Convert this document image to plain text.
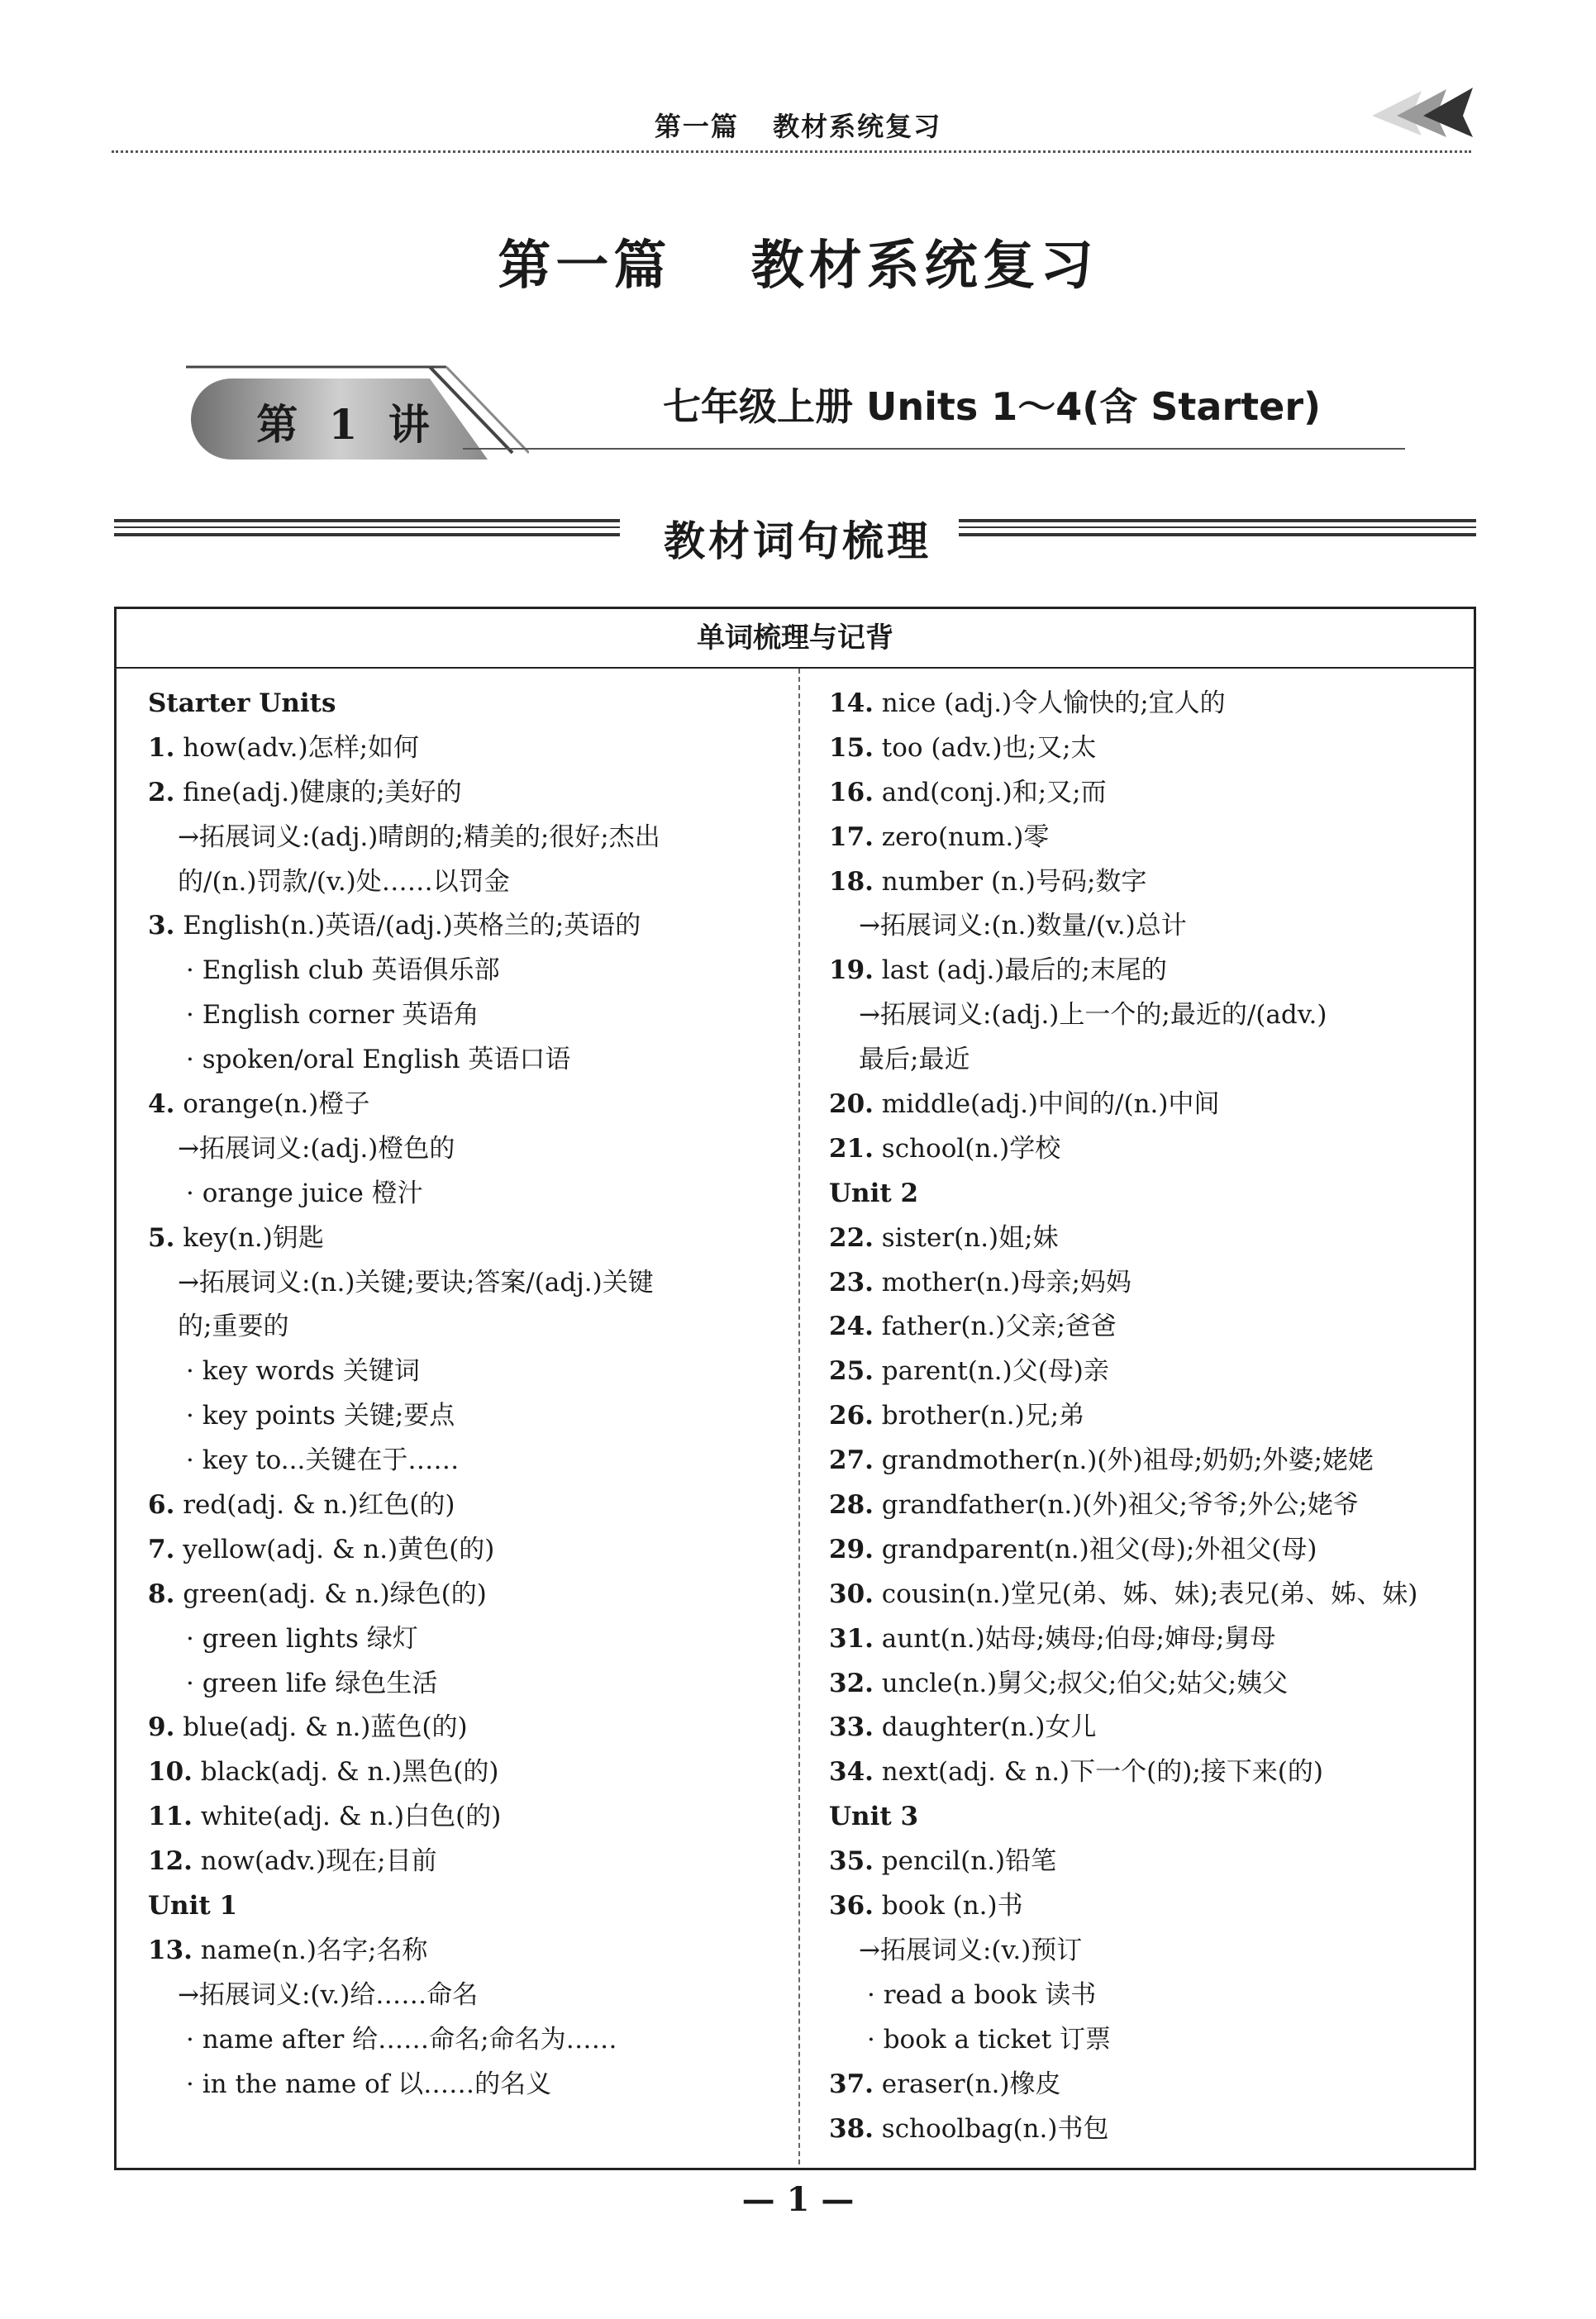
第一篇 教材系统复习
第一篇 教材系统复习
第 1 讲	七年级上册 Units 1～4(含 Starter)
教材词句梳理
单词梳理与记背
Starter Units
1. how(adv.)怎样;如何
2. fine(adj.)健康的;美好的
→拓展词义:(adj.)晴朗的;精美的;很好;杰出
的/(n.)罚款/(v.)处……以罚金
3. English(n.)英语/(adj.)英格兰的;英语的
· English club 英语俱乐部
· English corner 英语角
· spoken/oral English 英语口语
4. orange(n.)橙子
→拓展词义:(adj.)橙色的
· orange juice 橙汁
5. key(n.)钥匙
→拓展词义:(n.)关键;要诀;答案/(adj.)关键
的;重要的
· key words 关键词
· key points 关键;要点
· key to...关键在于……
6. red(adj. & n.)红色(的)
7. yellow(adj. & n.)黄色(的)
8. green(adj. & n.)绿色(的)
· green lights 绿灯
· green life 绿色生活
9. blue(adj. & n.)蓝色(的)
10. black(adj. & n.)黑色(的)
11. white(adj. & n.)白色(的)
12. now(adv.)现在;目前
Unit 1
13. name(n.)名字;名称
→拓展词义:(v.)给……命名
· name after 给……命名;命名为……
· in the name of 以……的名义
14. nice (adj.)令人愉快的;宜人的
15. too (adv.)也;又;太
16. and(conj.)和;又;而
17. zero(num.)零
18. number (n.)号码;数字
→拓展词义:(n.)数量/(v.)总计
19. last (adj.)最后的;末尾的
→拓展词义:(adj.)上一个的;最近的/(adv.)
最后;最近
20. middle(adj.)中间的/(n.)中间
21. school(n.)学校
Unit 2
22. sister(n.)姐;妹
23. mother(n.)母亲;妈妈
24. father(n.)父亲;爸爸
25. parent(n.)父(母)亲
26. brother(n.)兄;弟
27. grandmother(n.)(外)祖母;奶奶;外婆;姥姥
28. grandfather(n.)(外)祖父;爷爷;外公;姥爷
29. grandparent(n.)祖父(母);外祖父(母)
30. cousin(n.)堂兄(弟、姊、妹);表兄(弟、姊、妹)
31. aunt(n.)姑母;姨母;伯母;婶母;舅母
32. uncle(n.)舅父;叔父;伯父;姑父;姨父
33. daughter(n.)女儿
34. next(adj. & n.)下一个(的);接下来(的)
Unit 3
35. pencil(n.)铅笔
36. book (n.)书
→拓展词义:(v.)预订
· read a book 读书
· book a ticket 订票
37. eraser(n.)橡皮
38. schoolbag(n.)书包
— 1 —
